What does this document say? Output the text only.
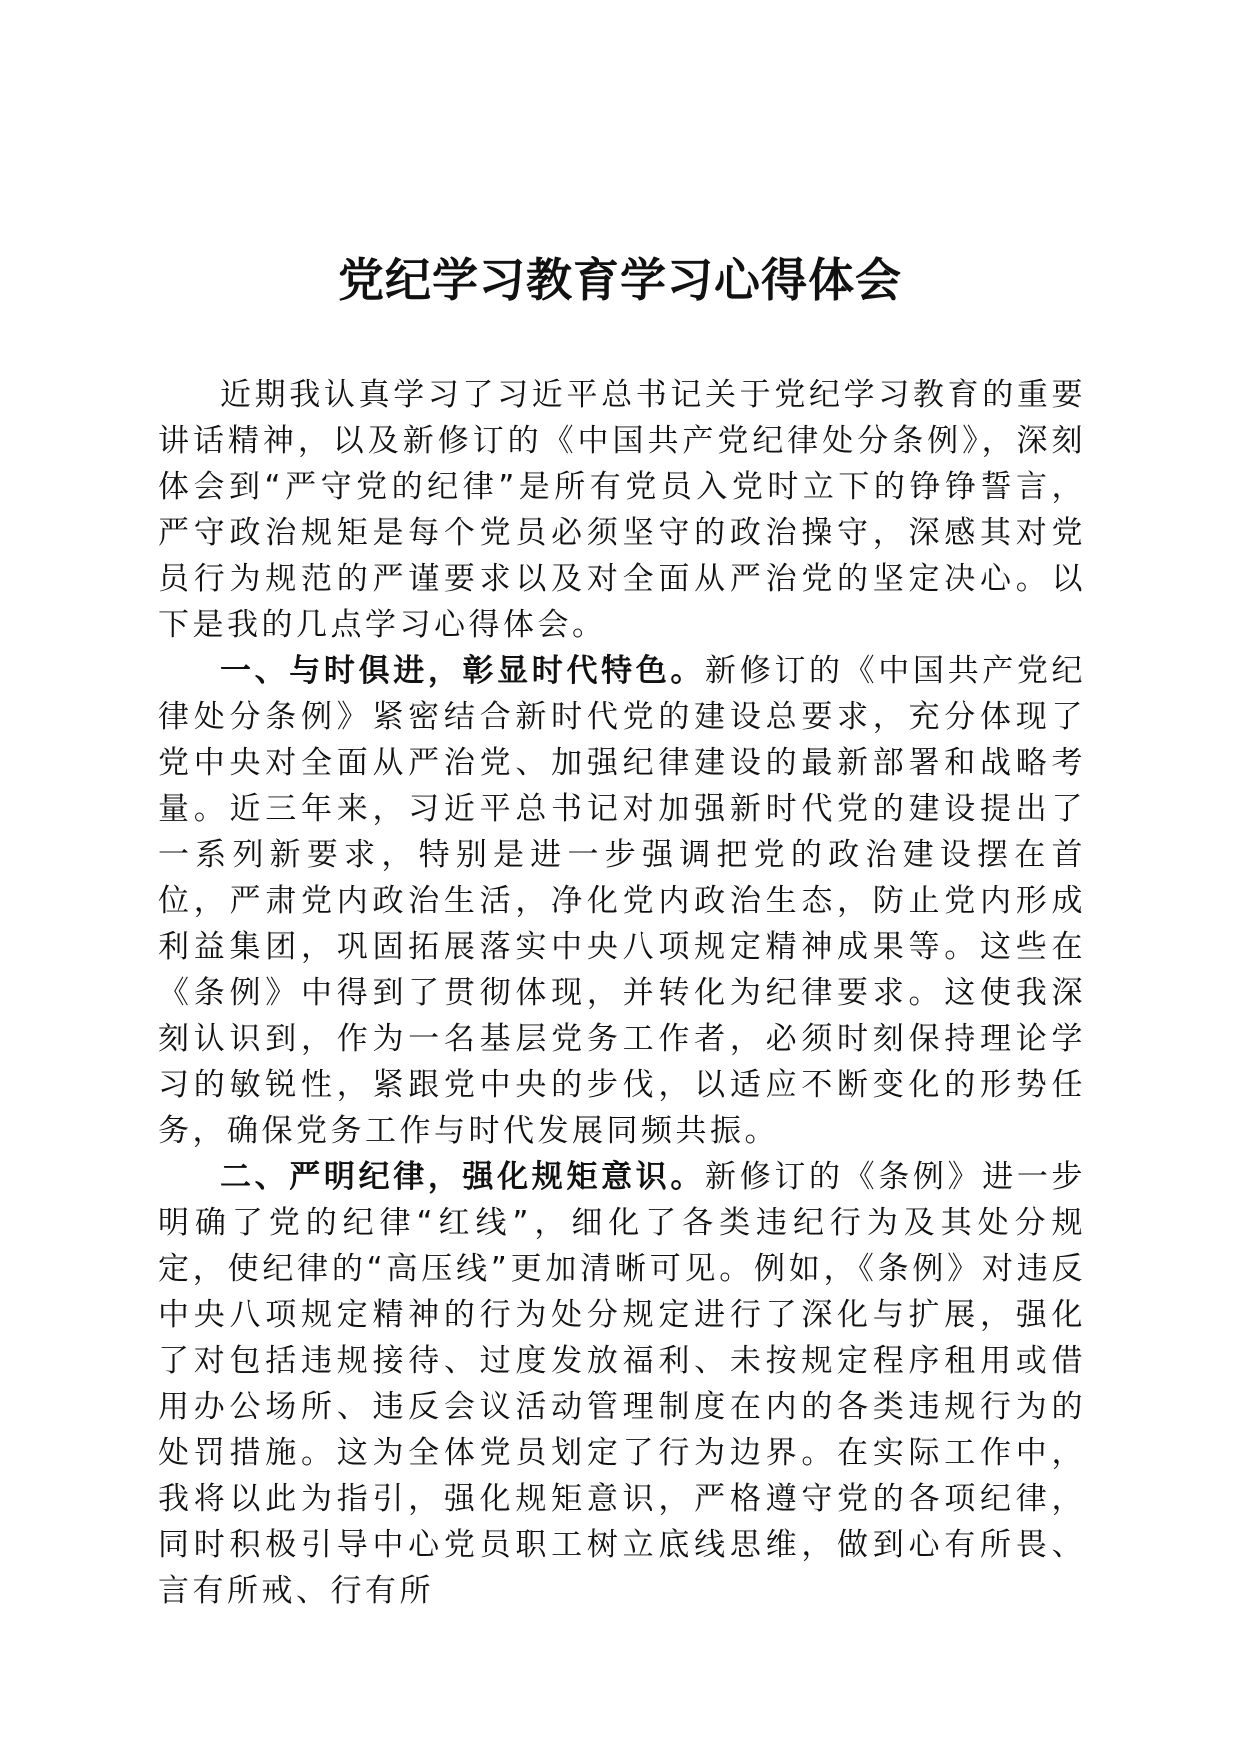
党纪学习教育学习心得体会

近期我认真学习了习近平总书记关于党纪学习教育的重要讲话精神，以及新修订的《中国共产党纪律处分条例》，深刻体会到“严守党的纪律”是所有党员入党时立下的铮铮誓言，严守政治规矩是每个党员必须坚守的政治操守，深感其对党员行为规范的严谨要求以及对全面从严治党的坚定决心。以下是我的几点学习心得体会。

一、与时俱进，彰显时代特色。新修订的《中国共产党纪律处分条例》紧密结合新时代党的建设总要求，充分体现了党中央对全面从严治党、加强纪律建设的最新部署和战略考量。近三年来，习近平总书记对加强新时代党的建设提出了一系列新要求，特别是进一步强调把党的政治建设摆在首位，严肃党内政治生活，净化党内政治生态，防止党内形成利益集团，巩固拓展落实中央八项规定精神成果等。这些在《条例》中得到了贯彻体现，并转化为纪律要求。这使我深刻认识到，作为一名基层党务工作者，必须时刻保持理论学习的敏锐性，紧跟党中央的步伐，以适应不断变化的形势任务，确保党务工作与时代发展同频共振。

二、严明纪律，强化规矩意识。新修订的《条例》进一步明确了党的纪律“红线”，细化了各类违纪行为及其处分规定，使纪律的“高压线”更加清晰可见。例如，《条例》对违反中央八项规定精神的行为处分规定进行了深化与扩展，强化了对包括违规接待、过度发放福利、未按规定程序租用或借用办公场所、违反会议活动管理制度在内的各类违规行为的处罚措施。这为全体党员划定了行为边界。在实际工作中，我将以此为指引，强化规矩意识，严格遵守党的各项纪律，同时积极引导中心党员职工树立底线思维，做到心有所畏、言有所戒、行有所
